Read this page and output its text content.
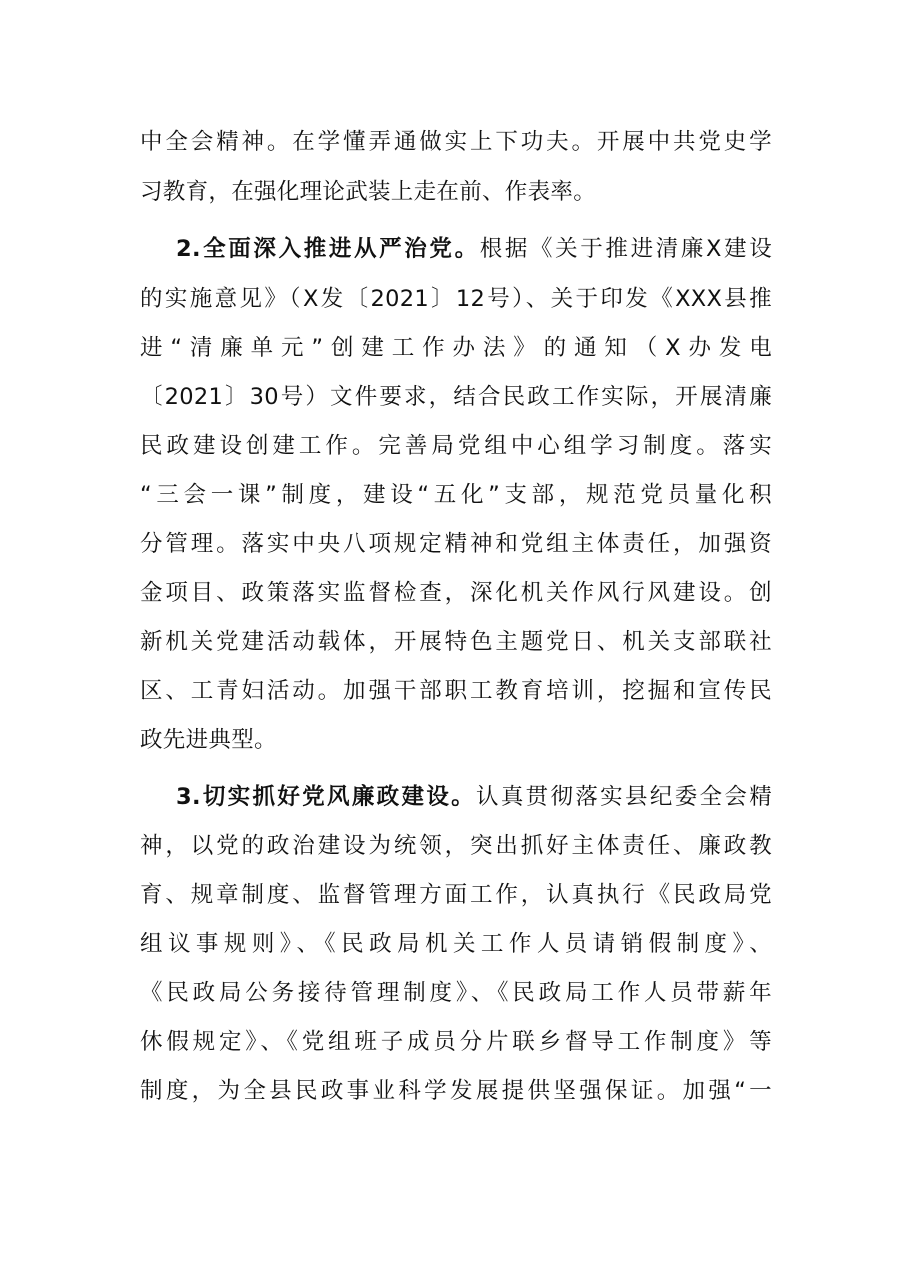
中全会精神。在学懂弄通做实上下功夫。开展中共党史学
习教育，在强化理论武装上走在前、作表率。
2.全面深入推进从严治党。根据《关于推进清廉X建设
的实施意见》（X发〔2021〕12号）、关于印发《XXX县推
进“清廉单元”创建工作办法》的通知（X办发电
〔2021〕30号）文件要求，结合民政工作实际，开展清廉
民政建设创建工作。完善局党组中心组学习制度。落实
“三会一课”制度，建设“五化”支部，规范党员量化积
分管理。落实中央八项规定精神和党组主体责任，加强资
金项目、政策落实监督检查，深化机关作风行风建设。创
新机关党建活动载体，开展特色主题党日、机关支部联社
区、工青妇活动。加强干部职工教育培训，挖掘和宣传民
政先进典型。
3.切实抓好党风廉政建设。认真贯彻落实县纪委全会精
神，以党的政治建设为统领，突出抓好主体责任、廉政教
育、规章制度、监督管理方面工作，认真执行《民政局党
组议事规则》、《民政局机关工作人员请销假制度》、
《民政局公务接待管理制度》、《民政局工作人员带薪年
休假规定》、《党组班子成员分片联乡督导工作制度》等
制度，为全县民政事业科学发展提供坚强保证。加强“一
